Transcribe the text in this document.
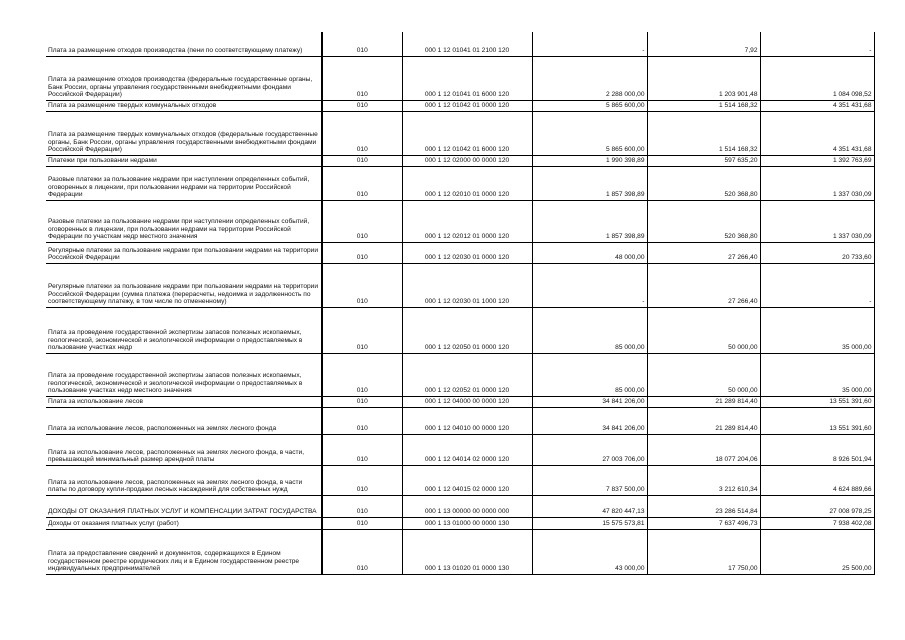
Плата за размещение отходов производства (пени по соответствующему платежу)	010	000 1 12 01041 01 2100 120	-	7,92	-
Плата за размещение отходов производства (федеральные государственные органы, Банк России, органы управления государственными внебюджетными фондами Российской Федерации)	010	000 1 12 01041 01 6000 120	2 288 000,00	1 203 901,48	1 084 098,52
Плата за размещение твердых коммунальных отходов	010	000 1 12 01042 01 0000 120	5 865 600,00	1 514 168,32	4 351 431,68
Плата за размещение твердых коммунальных отходов (федеральные государственные органы, Банк России, органы управления государственными внебюджетными фондами Российской Федерации)	010	000 1 12 01042 01 6000 120	5 865 600,00	1 514 168,32	4 351 431,68
Платежи при пользовании недрами	010	000 1 12 02000 00 0000 120	1 990 398,89	597 635,20	1 392 763,69
Разовые платежи за пользование недрами при наступлении определенных событий, оговоренных в лицензии, при пользовании недрами на территории Российской Федерации	010	000 1 12 02010 01 0000 120	1 857 398,89	520 368,80	1 337 030,09
Разовые платежи за пользование недрами при наступлении определенных событий, оговоренных в лицензии, при пользовании недрами на территории Российской Федерации по участкам недр местного значения	010	000 1 12 02012 01 0000 120	1 857 398,89	520 368,80	1 337 030,09
Регулярные платежи за пользование недрами при пользовании недрами на территории Российской Федерации	010	000 1 12 02030 01 0000 120	48 000,00	27 266,40	20 733,60
Регулярные платежи за пользование недрами при пользовании недрами на территории Российской Федерации (сумма платежа (перерасчеты, недоимка и задолженность по соответствующему платежу, в том числе по отмененному)	010	000 1 12 02030 01 1000 120	-	27 266,40	-
Плата за проведение государственной экспертизы запасов полезных ископаемых, геологической, экономической и экологической информации о предоставляемых в пользование участках недр	010	000 1 12 02050 01 0000 120	85 000,00	50 000,00	35 000,00
Плата за проведение государственной экспертизы запасов полезных ископаемых, геологической, экономической и экологической информации о предоставляемых в пользование участках недр местного значения	010	000 1 12 02052 01 0000 120	85 000,00	50 000,00	35 000,00
Плата за использование лесов	010	000 1 12 04000 00 0000 120	34 841 206,00	21 289 814,40	13 551 391,60
Плата за использование лесов, расположенных на землях лесного фонда	010	000 1 12 04010 00 0000 120	34 841 206,00	21 289 814,40	13 551 391,60
Плата за использование лесов, расположенных на землях лесного фонда, в части, превышающей минимальный размер арендной платы	010	000 1 12 04014 02 0000 120	27 003 706,00	18 077 204,06	8 926 501,94
Плата за использование лесов, расположенных на землях лесного фонда, в части платы по договору купли-продажи лесных насаждений для собственных нужд	010	000 1 12 04015 02 0000 120	7 837 500,00	3 212 610,34	4 624 889,66
ДОХОДЫ ОТ ОКАЗАНИЯ ПЛАТНЫХ УСЛУГ И КОМПЕНСАЦИИ ЗАТРАТ ГОСУДАРСТВА	010	000 1 13 00000 00 0000 000	47 820 447,13	23 286 514,84	27 008 978,25
Доходы от оказания платных услуг (работ)	010	000 1 13 01000 00 0000 130	15 575 573,81	7 637 496,73	7 938 402,08
Плата за предоставление сведений и документов, содержащихся в Едином государственном реестре юридических лиц и в Едином государственном реестре индивидуальных предпринимателей	010	000 1 13 01020 01 0000 130	43 000,00	17 750,00	25 500,00
